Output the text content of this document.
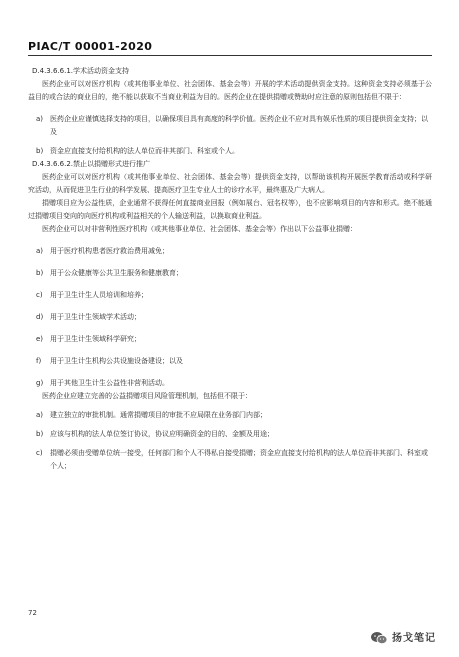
PIAC/T 00001-2020

D.4.3.6.6.1.学术活动资金支持

医药企业可以对医疗机构（或其他事业单位、社会团体、基金会等）开展的学术活动提供资金支持。这种资金支持必须基于公益目的或合法的商业目的，绝不能以获取不当商业利益为目的。医药企业在提供捐赠或赞助时应注意的原则包括但不限于：

a) 医药企业应谨慎选择支持的项目，以确保项目具有高度的科学价值。医药企业不应对具有娱乐性质的项目提供资金支持；以及
b) 资金应直接支付给机构的法人单位而非其部门、科室或个人。

D.4.3.6.6.2.禁止以捐赠形式进行推广

医药企业可以对医疗机构（或其他事业单位、社会团体、基金会等）提供资金支持，以帮助该机构开展医学教育活动或科学研究活动，从而促进卫生行业的科学发展、提高医疗卫生专业人士的诊疗水平，最终惠及广大病人。

捐赠项目应为公益性质，企业通常不获得任何直接商业回报（例如展台、冠名权等），也不应影响项目的内容和形式。绝不能通过捐赠项目变向的向医疗机构或利益相关的个人输送利益，以换取商业利益。

医药企业可以对非营利性医疗机构（或其他事业单位、社会团体、基金会等）作出以下公益事业捐赠：

a) 用于医疗机构患者医疗救治费用减免；
b) 用于公众健康等公共卫生服务和健康教育；
c)	用于卫生计生人员培训和培养；
d) 用于卫生计生领域学术活动；
e) 用于卫生计生领域科学研究；
f)	用于卫生计生机构公共设施设备建设；以及
g) 用于其他卫生计生公益性非营利活动。

医药企业应建立完善的公益捐赠项目风险管理机制，包括但不限于：

a) 建立独立的审批机制。通常捐赠项目的审批不应局限在业务部门内部；
b) 应该与机构的法人单位签订协议，协议应明确资金的目的、金额及用途；
c)	捐赠必须由受赠单位统一接受，任何部门和个人不得私自接受捐赠；资金应直接支付给机构的法人单位而非其部门、科室或个人；
72
扬戈笔记
